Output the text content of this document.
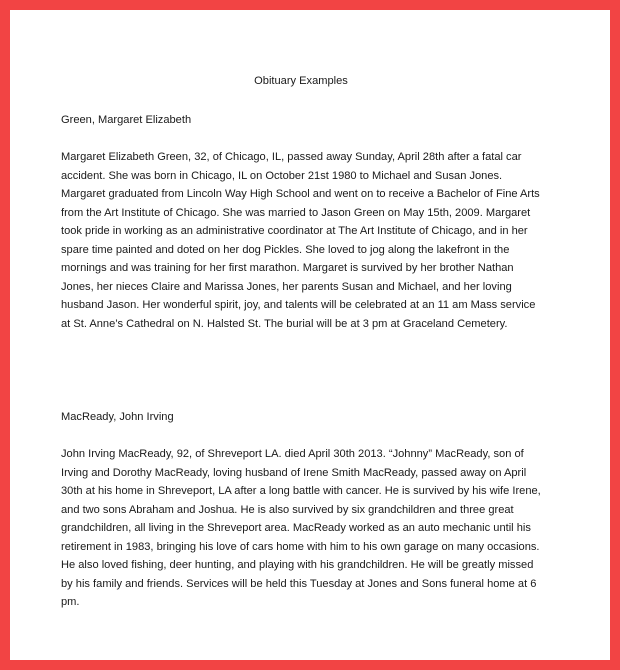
Obituary Examples
Green, Margaret Elizabeth

Margaret Elizabeth Green, 32, of Chicago, IL, passed away Sunday, April 28th after a fatal car accident. She was born in Chicago, IL on October 21st 1980 to Michael and Susan Jones. Margaret graduated from Lincoln Way High School and went on to receive a Bachelor of Fine Arts from the Art Institute of Chicago. She was married to Jason Green on May 15th, 2009. Margaret took pride in working as an administrative coordinator at The Art Institute of Chicago, and in her spare time painted and doted on her dog Pickles. She loved to jog along the lakefront in the mornings and was training for her first marathon. Margaret is survived by her brother Nathan Jones, her nieces Claire and Marissa Jones, her parents Susan and Michael, and her loving husband Jason. Her wonderful spirit, joy, and talents will be celebrated at an 11 am Mass service at St. Anne’s Cathedral on N. Halsted St. The burial will be at 3 pm at Graceland Cemetery.

MacReady, John Irving

John Irving MacReady, 92, of Shreveport LA. died April 30th 2013. “Johnny” MacReady, son of Irving and Dorothy MacReady, loving husband of Irene Smith MacReady, passed away on April 30th at his home in Shreveport, LA after a long battle with cancer. He is survived by his wife Irene, and two sons Abraham and Joshua. He is also survived by six grandchildren and three great grandchildren, all living in the Shreveport area. MacReady worked as an auto mechanic until his retirement in 1983, bringing his love of cars home with him to his own garage on many occasions. He also loved fishing, deer hunting, and playing with his grandchildren. He will be greatly missed by his family and friends. Services will be held this Tuesday at Jones and Sons funeral home at 6 pm.
